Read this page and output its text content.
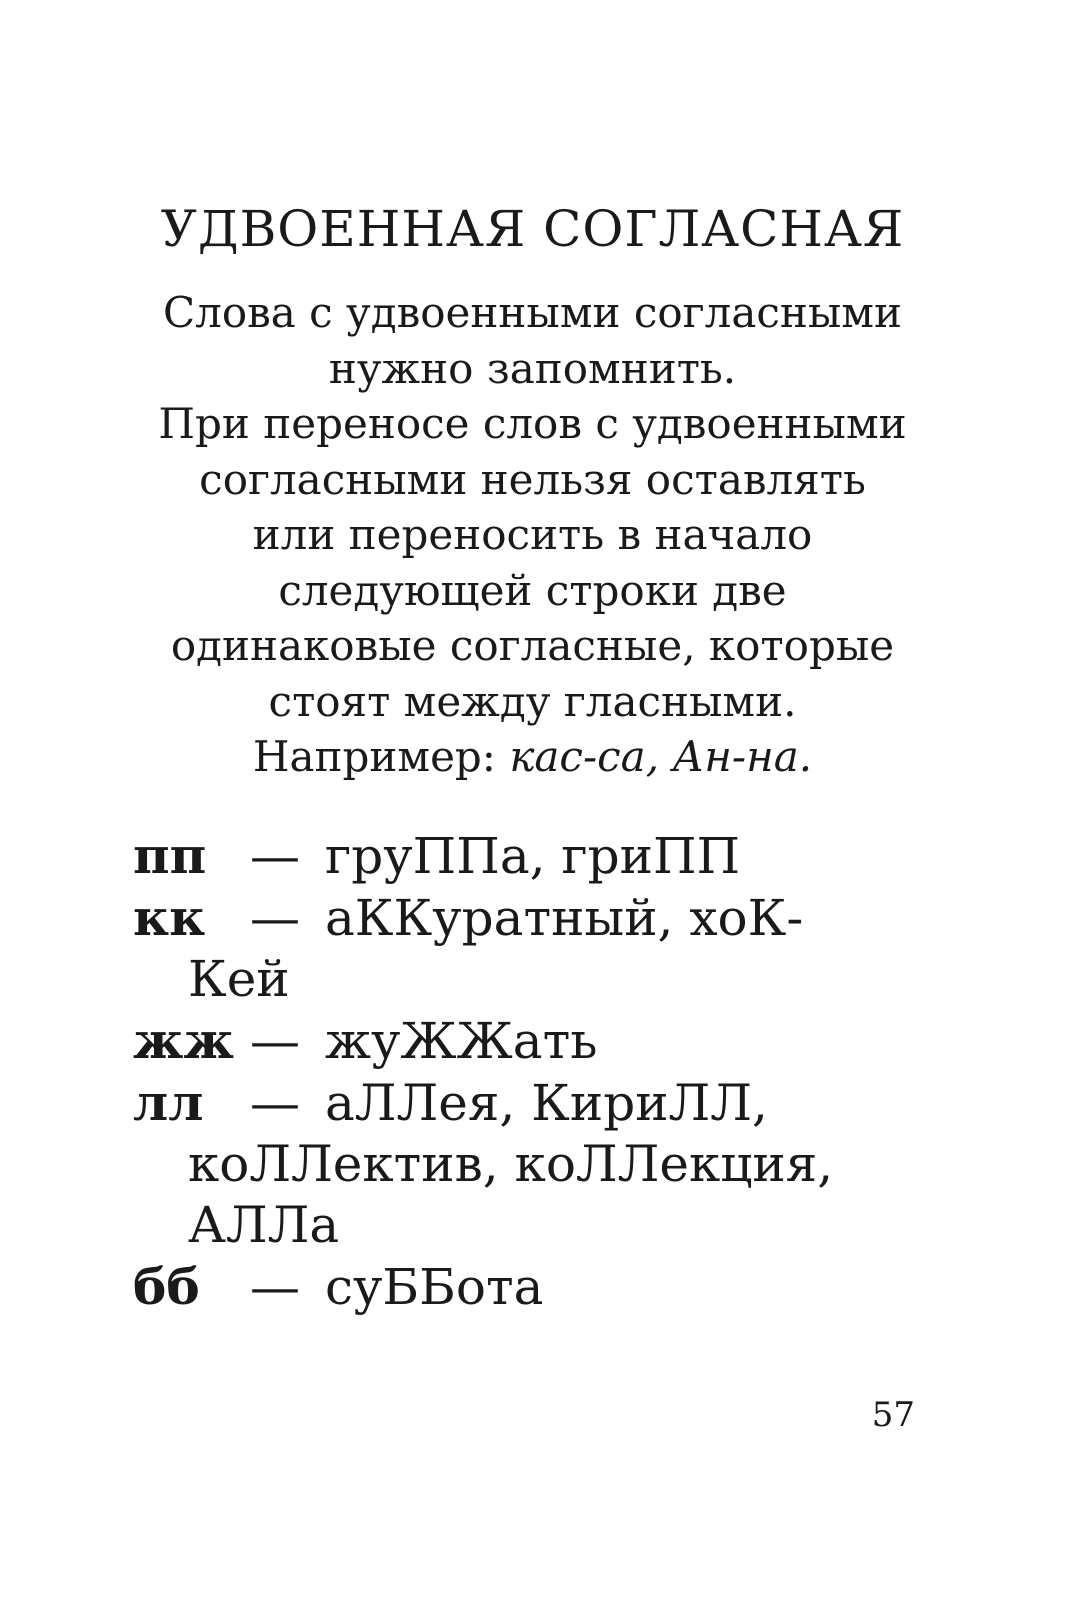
УДВОЕННАЯ СОГЛАСНАЯ
Слова с удвоенными согласными
нужно запомнить.
При переносе слов с удвоенными
согласными нельзя оставлять
или переносить в начало
следующей строки две
одинаковые согласные, которые
стоят между гласными.
Например: кас-са, Ан-на.
пп — груППа, гриПП
кк — аККуратный, хоК-
Кей
жж — жуЖЖать
лл — аЛЛея, КириЛЛ,
коЛЛектив, коЛЛекция,
АЛЛа
бб — суББота
57
